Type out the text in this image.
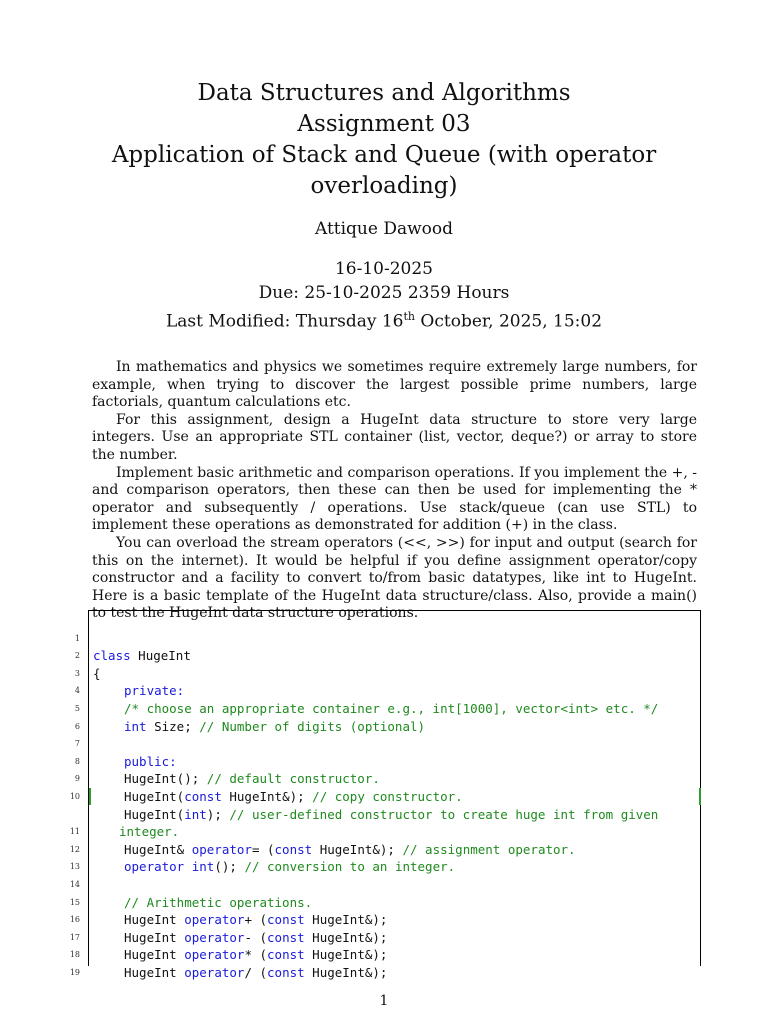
Data Structures and Algorithms
Assignment 03
Application of Stack and Queue (with operator
overloading)
Attique Dawood
16-10-2025
Due: 25-10-2025 2359 Hours
Last Modified: Thursday 16th October, 2025, 15:02

In mathematics and physics we sometimes require extremely large numbers, for example, when trying to discover the largest possible prime numbers, large factorials, quantum calculations etc.

For this assignment, design a HugeInt data structure to store very large integers. Use an appropriate STL container (list, vector, deque?) or array to store the number.

Implement basic arithmetic and comparison operations. If you implement the +, - and comparison operators, then these can then be used for implementing the * operator and subsequently / operations. Use stack/queue (can use STL) to implement these operations as demonstrated for addition (+) in the class.

You can overload the stream operators (<<, >>) for input and output (search for this on the internet). It would be helpful if you define assignment operator/copy constructor and a facility to convert to/from basic datatypes, like int to HugeInt. Here is a basic template of the HugeInt data structure/class. Also, provide a main() to test the HugeInt data structure operations.

1

class HugeInt

2

{

3

private:

4

/* choose an appropriate container e.g., int[1000], vector<int> etc. */

5

int Size; // Number of digits (optional)

6

7

public:

8

HugeInt(); // default constructor.

9

HugeInt(const HugeInt&); // copy constructor.

10

HugeInt(int); // user-defined constructor to create huge int from given

integer.

11

HugeInt& operator= (const HugeInt&); // assignment operator.

12

operator int(); // conversion to an integer.

13

14

// Arithmetic operations.

15

HugeInt operator+ (const HugeInt&);

16

HugeInt operator- (const HugeInt&);

17

HugeInt operator* (const HugeInt&);

18

HugeInt operator/ (const HugeInt&);

19

1
